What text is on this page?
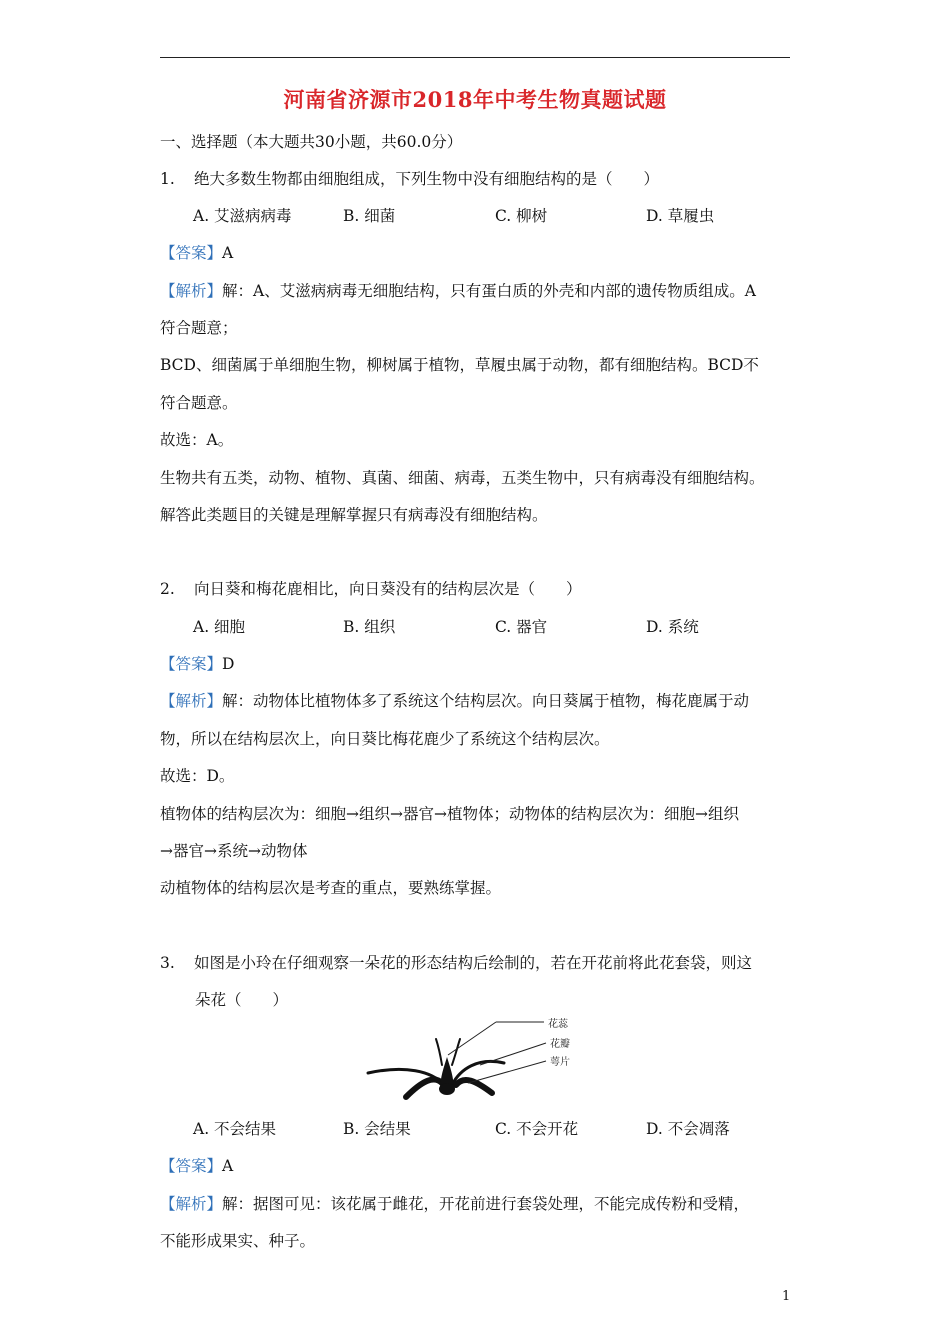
河南省济源市2018年中考生物真题试题
一、选择题（本大题共30小题，共60.0分）
1. 绝大多数生物都由细胞组成，下列生物中没有细胞结构的是（　　）
A. 艾滋病病毒	B. 细菌	C. 柳树	D. 草履虫
【答案】A
【解析】解：A、艾滋病病毒无细胞结构，只有蛋白质的外壳和内部的遗传物质组成。A
符合题意；
BCD、细菌属于单细胞生物，柳树属于植物，草履虫属于动物，都有细胞结构。BCD不
符合题意。
故选：A。
生物共有五类，动物、植物、真菌、细菌、病毒，五类生物中，只有病毒没有细胞结构。
解答此类题目的关键是理解掌握只有病毒没有细胞结构。
2. 向日葵和梅花鹿相比，向日葵没有的结构层次是（　　）
A. 细胞	B. 组织	C. 器官	D. 系统
【答案】D
【解析】解：动物体比植物体多了系统这个结构层次。向日葵属于植物，梅花鹿属于动
物，所以在结构层次上，向日葵比梅花鹿少了系统这个结构层次。
故选：D。
植物体的结构层次为：细胞→组织→器官→植物体；动物体的结构层次为：细胞→组织
→器官→系统→动物体
动植物体的结构层次是考查的重点，要熟练掌握。
3. 如图是小玲在仔细观察一朵花的形态结构后绘制的，若在开花前将此花套袋，则这
朵花（　　）
花蕊
花瓣
萼片
A. 不会结果	B. 会结果	C. 不会开花	D. 不会凋落
【答案】A
【解析】解：据图可见：该花属于雌花，开花前进行套袋处理，不能完成传粉和受精，
不能形成果实、种子。
1
